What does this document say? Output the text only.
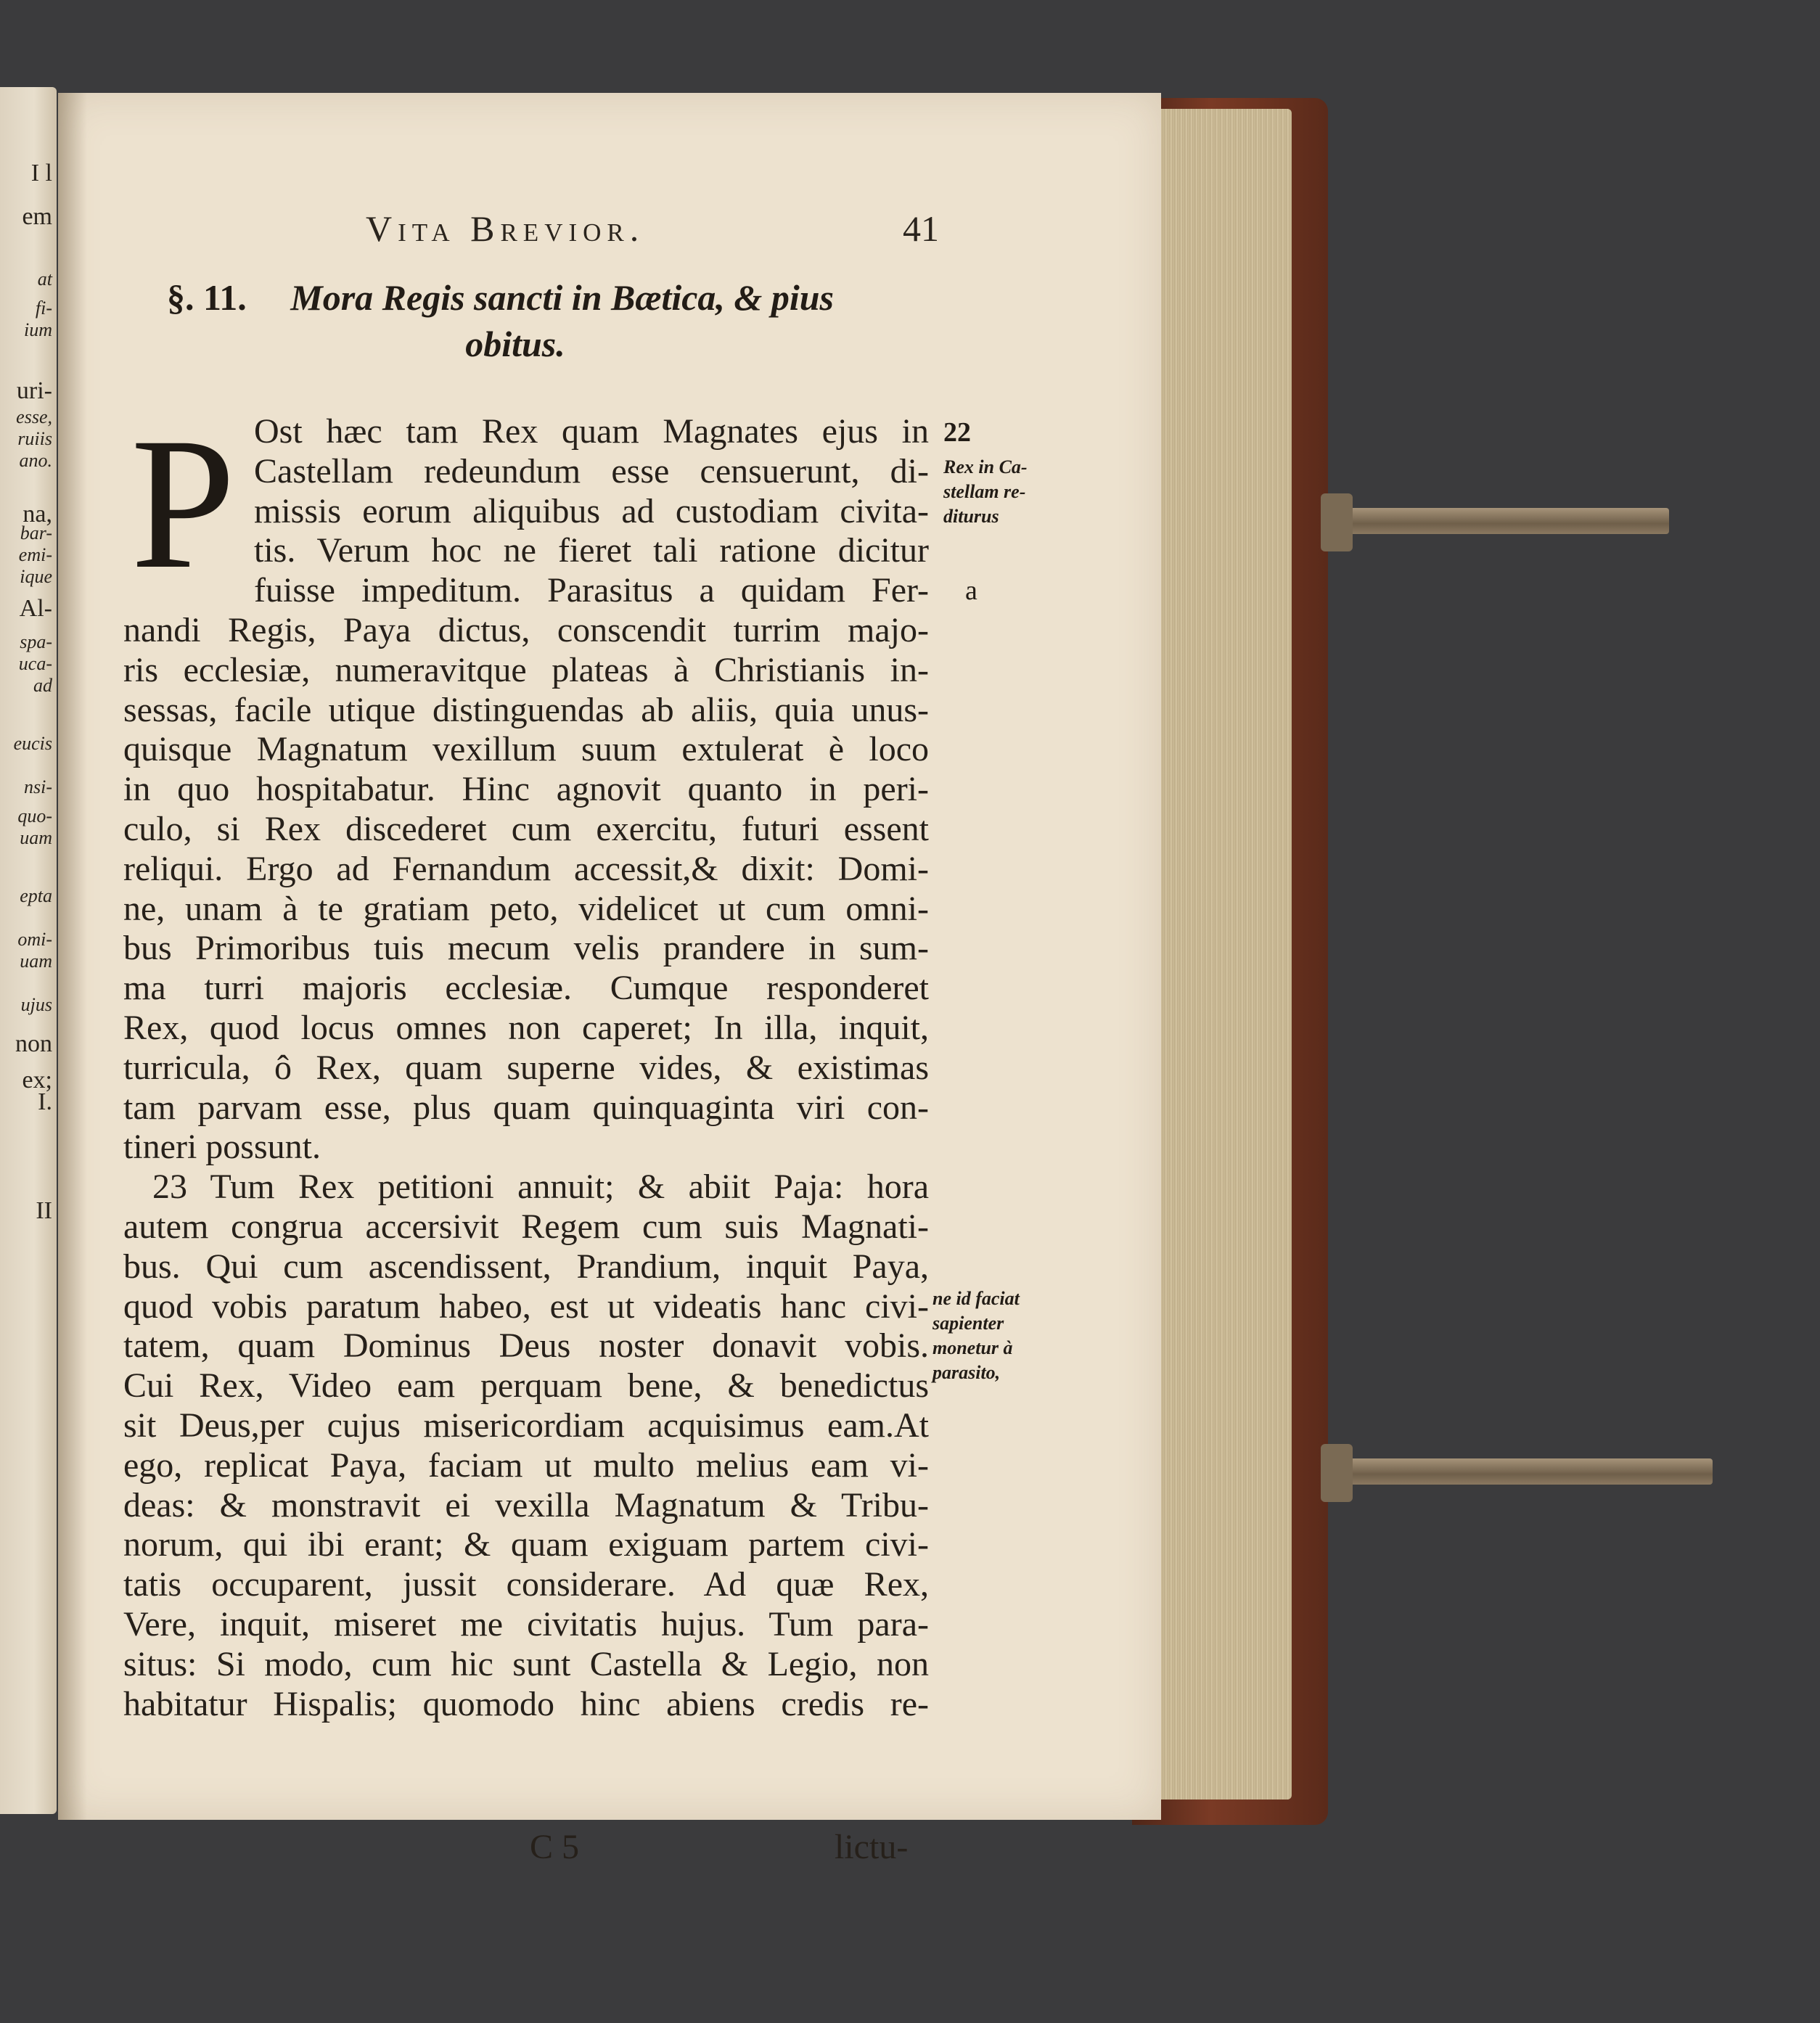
I l
em
at
fi-
ium
uri-
esse,
ruiis
ano.
na,
bar-
emi-
ique
Al-
spa-
uca-
ad
eucis
nsi-
quo-
uam
epta
omi-
uam
ujus
non
ex;
I.
II
Vita Brevior.	41
§. 11. Mora Regis sancti in Bætica, & pius
obitus.
P Ost hæc tam Rex quam Magnates ejus in
Castellam redeundum esse censuerunt, di-
missis eorum aliquibus ad custodiam civita-
tis. Verum hoc ne fieret tali ratione dicitur
fuisse impeditum. Parasitus a quidam Fer-
nandi Regis, Paya dictus, conscendit turrim majo-
ris ecclesiæ, numeravitque plateas à Christianis in-
sessas, facile utique distinguendas ab aliis, quia unus-
quisque Magnatum vexillum suum extulerat è loco
in quo hospitabatur. Hinc agnovit quanto in peri-
culo, si Rex discederet cum exercitu, futuri essent
reliqui. Ergo ad Fernandum accessit,& dixit: Domi-
ne, unam à te gratiam peto, videlicet ut cum omni-
bus Primoribus tuis mecum velis prandere in sum-
ma turri majoris ecclesiæ. Cumque responderet
Rex, quod locus omnes non caperet; In illa, inquit,
turricula, ô Rex, quam superne vides, & existimas
tam parvam esse, plus quam quinquaginta viri con-
tineri possunt.
23 Tum Rex petitioni annuit; & abiit Paja: hora
autem congrua accersivit Regem cum suis Magnati-
bus. Qui cum ascendissent, Prandium, inquit Paya,
quod vobis paratum habeo, est ut videatis hanc civi-
tatem, quam Dominus Deus noster donavit vobis.
Cui Rex, Video eam perquam bene, & benedictus
sit Deus,per cujus misericordiam acquisimus eam.At
ego, replicat Paya, faciam ut multo melius eam vi-
deas: & monstravit ei vexilla Magnatum & Tribu-
norum, qui ibi erant; & quam exiguam partem civi-
tatis occuparent, jussit considerare. Ad quæ Rex,
Vere, inquit, miseret me civitatis hujus. Tum para-
situs: Si modo, cum hic sunt Castella & Legio, non
habitatur Hispalis; quomodo hinc abiens credis re-
22
Rex in Ca-
stellam re-
diturus
a
ne id faciat
sapienter
monetur à
parasito,
C 5	lictu-
